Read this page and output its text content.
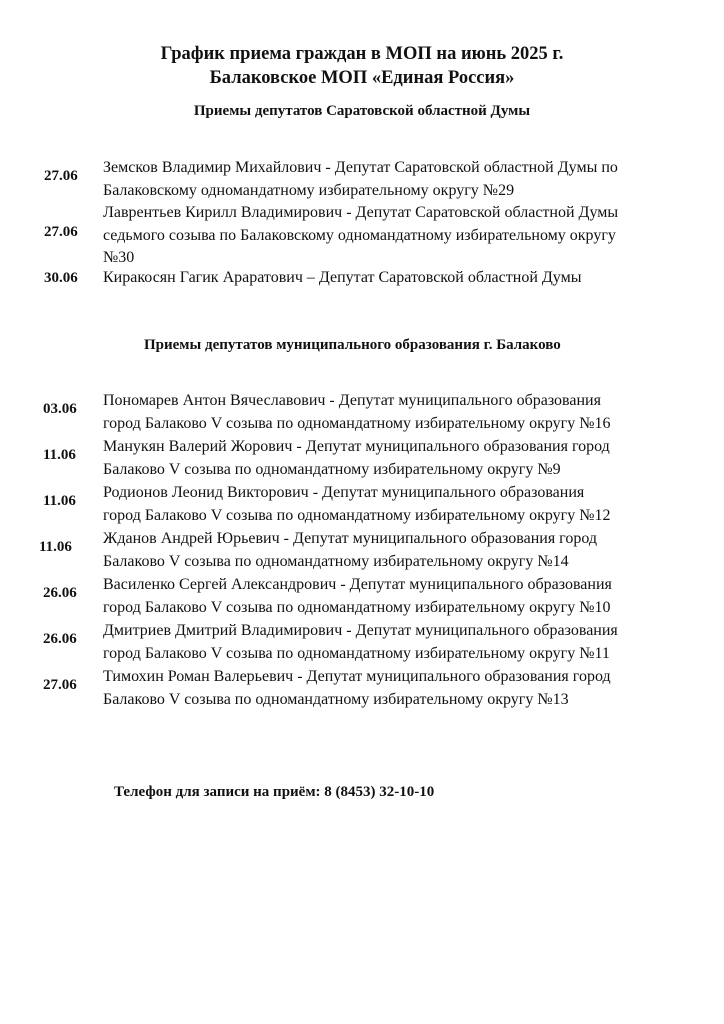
График приема граждан в МОП на июнь 2025 г.
Балаковское МОП «Единая Россия»
Приемы депутатов Саратовской областной Думы
27.06 Земсков Владимир Михайлович - Депутат Саратовской областной Думы по
Балаковскому одномандатному избирательному округу №29
27.06
Лаврентьев Кирилл Владимирович - Депутат Саратовской областной Думы
седьмого созыва по Балаковскому одномандатному избирательному округу
№30
30.06 Киракосян Гагик Араратович – Депутат Саратовской областной Думы
Приемы депутатов муниципального образования г. Балаково
03.06 Пономарев Антон Вячеславович - Депутат муниципального образования
город Балаково V созыва по одномандатному избирательному округу №16
11.06 Манукян Валерий Жорович - Депутат муниципального образования город
Балаково V созыва по одномандатному избирательному округу №9
11.06 Родионов Леонид Викторович - Депутат муниципального образования
город Балаково V созыва по одномандатному избирательному округу №12
11.06 Жданов Андрей Юрьевич - Депутат муниципального образования город
Балаково V созыва по одномандатному избирательному округу №14
26.06 Василенко Сергей Александрович - Депутат муниципального образования
город Балаково V созыва по одномандатному избирательному округу №10
26.06 Дмитриев Дмитрий Владимирович - Депутат муниципального образования
город Балаково V созыва по одномандатному избирательному округу №11
27.06 Тимохин Роман Валерьевич - Депутат муниципального образования город
Балаково V созыва по одномандатному избирательному округу №13
Телефон для записи на приём: 8 (8453) 32-10-10
